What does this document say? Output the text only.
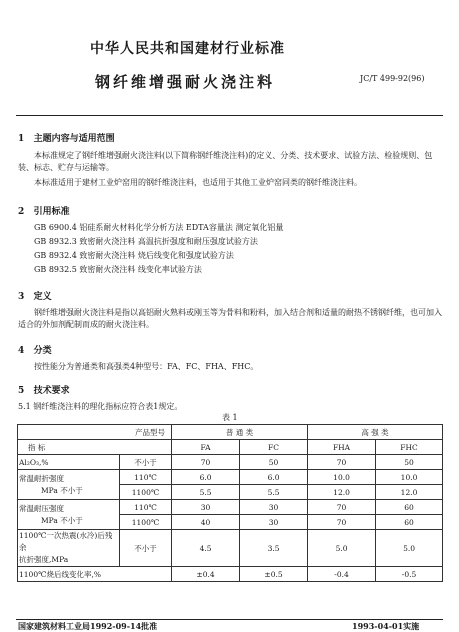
中华人民共和国建材行业标准
JC/T 499-92(96)
钢纤维增强耐火浇注料
1 主题内容与适用范围
本标准规定了钢纤维增强耐火浇注料(以下简称钢纤维浇注料)的定义、分类、技术要求、试验方法、检验规则、包装、标志、贮存与运输等。
本标准适用于建材工业炉窑用的钢纤维浇注料，也适用于其他工业炉窑同类的钢纤维浇注料。
2 引用标准
GB 6900.4 铝硅系耐火材料化学分析方法 EDTA容量法 测定氧化铝量
GB 8932.3 致密耐火浇注料 高温抗折强度和耐压强度试验方法
GB 8932.4 致密耐火浇注料 烧后线变化和强度试验方法
GB 8932.5 致密耐火浇注料 线变化率试验方法
3 定义
钢纤维增强耐火浇注料是指以高铝耐火熟料或刚玉等为骨料和粉料，加入结合剂和适量的耐热不锈钢纤维，也可加入适合的外加剂配制而成的耐火浇注料。
4 分类
按性能分为普通类和高强类4种型号：FA、FC、FHA、FHC。
5 技术要求
5.1 钢纤维浇注料的理化指标应符合表1规定。
表 1
产品型号		普 通 类		高 强 类	
指 标		FA	FC	FHA	FHC
Al₂O₃,%	不小于	70	50	70	50
常温耐折强度
MPa 不小于	110℃	6.0	6.0	10.0	10.0
	1100℃	5.5	5.5	12.0	12.0
常温耐压强度
MPa 不小于	110℃	30	30	70	60
	1100℃	40	30	70	60
1100℃一次热震(水冷)后残余
抗折强度,MPa	不小于	4.5	3.5	5.0	5.0
1100℃烧后线变化率,%		±0.4	±0.5	-0.4	-0.5
国家建筑材料工业局1992-09-14批准	1993-04-01实施
